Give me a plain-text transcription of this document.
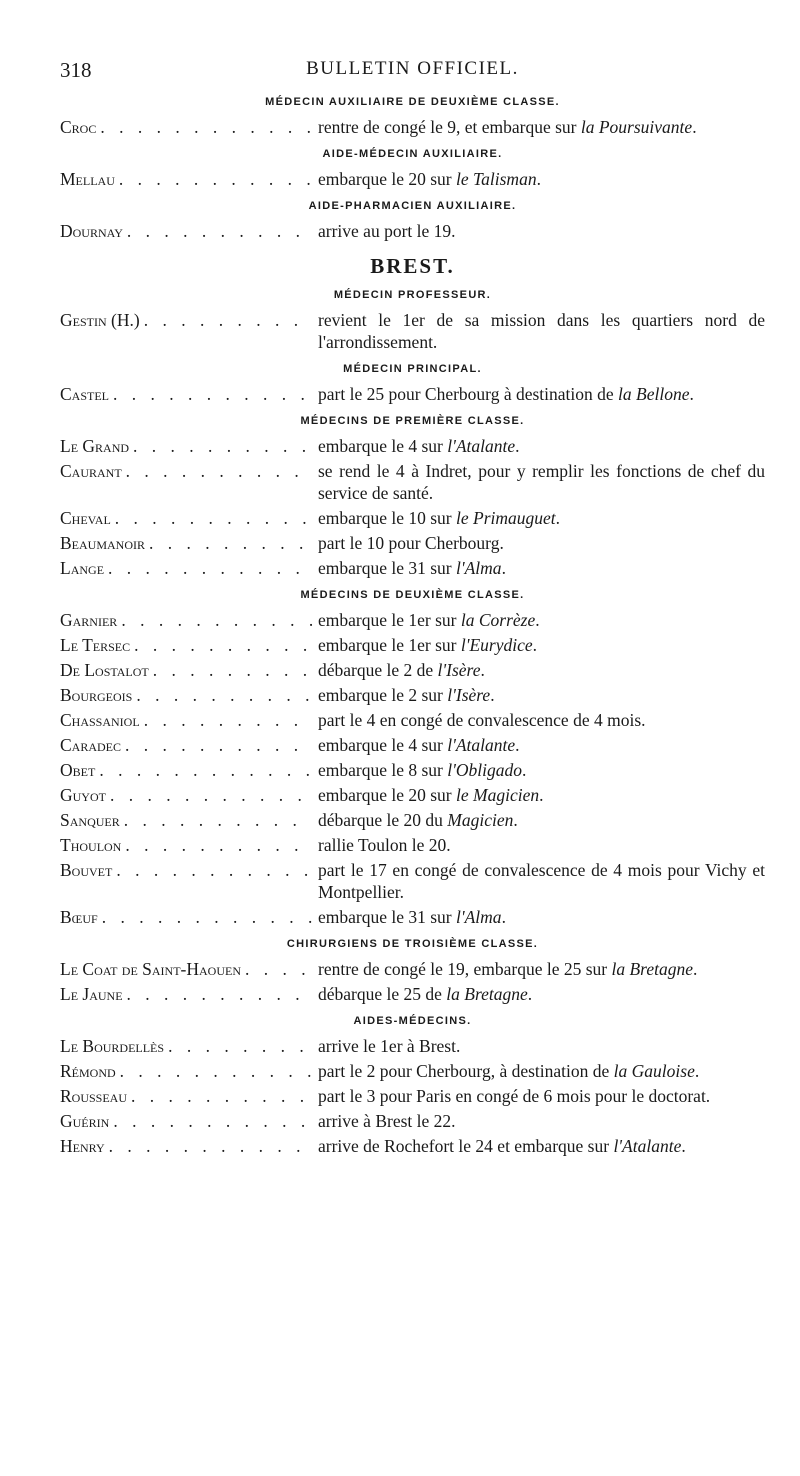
318	BULLETIN OFFICIEL.
MÉDECIN AUXILIAIRE DE DEUXIÈME CLASSE.
Croc . . .	rentre de congé le 9, et embarque sur la Poursuivante.
AIDE-MÉDECIN AUXILIAIRE.
Mellau . . .	embarque le 20 sur le Talisman.
AIDE-PHARMACIEN AUXILIAIRE.
Dournay . . .	arrive au port le 19.
BREST.
MÉDECIN PROFESSEUR.
Gestin (H.) . . .	revient le 1er de sa mission dans les quartiers nord de l'arrondissement.
MÉDECIN PRINCIPAL.
Castel . . .	part le 25 pour Cherbourg à destination de la Bellone.
MÉDECINS DE PREMIÈRE CLASSE.
Le Grand . . .	embarque le 4 sur l'Atalante.
Caurant . . .	se rend le 4 à Indret, pour y remplir les fonctions de chef du service de santé.
Cheval . . .	embarque le 10 sur le Primauguet.
Beaumanoir . . .	part le 10 pour Cherbourg.
Lange . . .	embarque le 31 sur l'Alma.
MÉDECINS DE DEUXIÈME CLASSE.
Garnier . . .	embarque le 1er sur la Corrèze.
Le Tersec . . .	embarque le 1er sur l'Eurydice.
De Lostalot . . .	débarque le 2 de l'Isère.
Bourgeois . . .	embarque le 2 sur l'Isère.
Chassaniol . . .	part le 4 en congé de convalescence de 4 mois.
Caradec . . .	embarque le 4 sur l'Atalante.
Obet . . .	embarque le 8 sur l'Obligado.
Guyot . . .	embarque le 20 sur le Magicien.
Sanquer . . .	débarque le 20 du Magicien.
Thoulon . . .	rallie Toulon le 20.
Bouvet . . .	part le 17 en congé de convalescence de 4 mois pour Vichy et Montpellier.
Bœuf . . .	embarque le 31 sur l'Alma.
CHIRURGIENS DE TROISIÈME CLASSE.
Le Coat de Saint-Haouen . . .	rentre de congé le 19, embarque le 25 sur la Bretagne.
Le Jaune . . .	débarque le 25 de la Bretagne.
AIDES-MÉDECINS.
Le Bourdellès . . .	arrive le 1er à Brest.
Rémond . . .	part le 2 pour Cherbourg, à destination de la Gauloise.
Rousseau . . .	part le 3 pour Paris en congé de 6 mois pour le doctorat.
Guérin . . .	arrive à Brest le 22.
Henry . . .	arrive de Rochefort le 24 et embarque sur l'Atalante.
